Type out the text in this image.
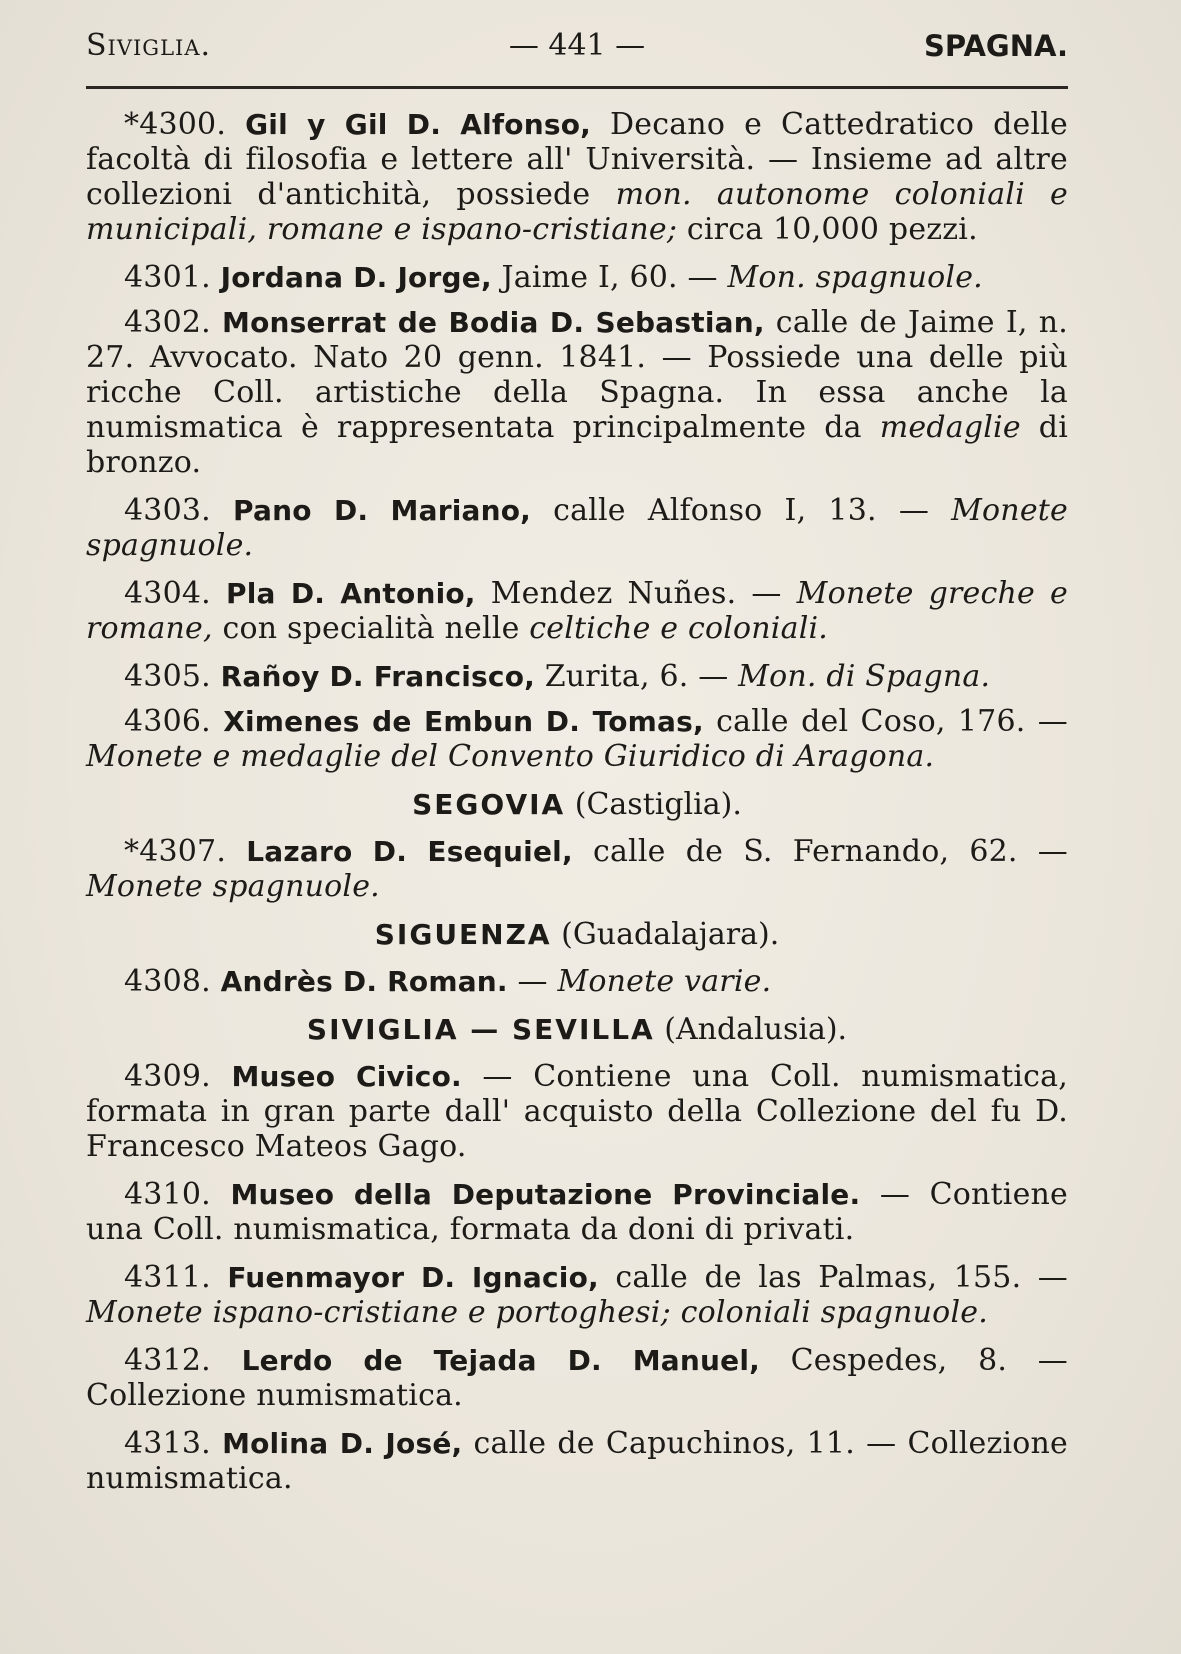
Siviglia.	— 441 —	SPAGNA.

*4300. Gil y Gil D. Alfonso, Decano e Cattedratico delle facoltà di filosofia e lettere all' Università. — Insieme ad altre collezioni d'antichità, possiede mon. autonome coloniali e municipali, romane e ispano-cristiane; circa 10,000 pezzi.

4301. Jordana D. Jorge, Jaime I, 60. — Mon. spagnuole.

4302. Monserrat de Bodia D. Sebastian, calle de Jaime I, n. 27. Avvocato. Nato 20 genn. 1841. — Possiede una delle più ricche Coll. artistiche della Spagna. In essa anche la numismatica è rappresentata principalmente da medaglie di bronzo.

4303. Pano D. Mariano, calle Alfonso I, 13. — Monete spagnuole.

4304. Pla D. Antonio, Mendez Nuñes. — Monete greche e romane, con specialità nelle celtiche e coloniali.

4305. Rañoy D. Francisco, Zurita, 6. — Mon. di Spagna.

4306. Ximenes de Embun D. Tomas, calle del Coso, 176. — Monete e medaglie del Convento Giuridico di Aragona.

SEGOVIA (Castiglia).

*4307. Lazaro D. Esequiel, calle de S. Fernando, 62. — Monete spagnuole.

SIGUENZA (Guadalajara).

4308. Andrès D. Roman. — Monete varie.

SIVIGLIA — SEVILLA (Andalusia).

4309. Museo Civico. — Contiene una Coll. numismatica, formata in gran parte dall' acquisto della Collezione del fu D. Francesco Mateos Gago.

4310. Museo della Deputazione Provinciale. — Contiene una Coll. numismatica, formata da doni di privati.

4311. Fuenmayor D. Ignacio, calle de las Palmas, 155. — Monete ispano-cristiane e portoghesi; coloniali spagnuole.

4312. Lerdo de Tejada D. Manuel, Cespedes, 8. — Collezione numismatica.

4313. Molina D. José, calle de Capuchinos, 11. — Collezione numismatica.
